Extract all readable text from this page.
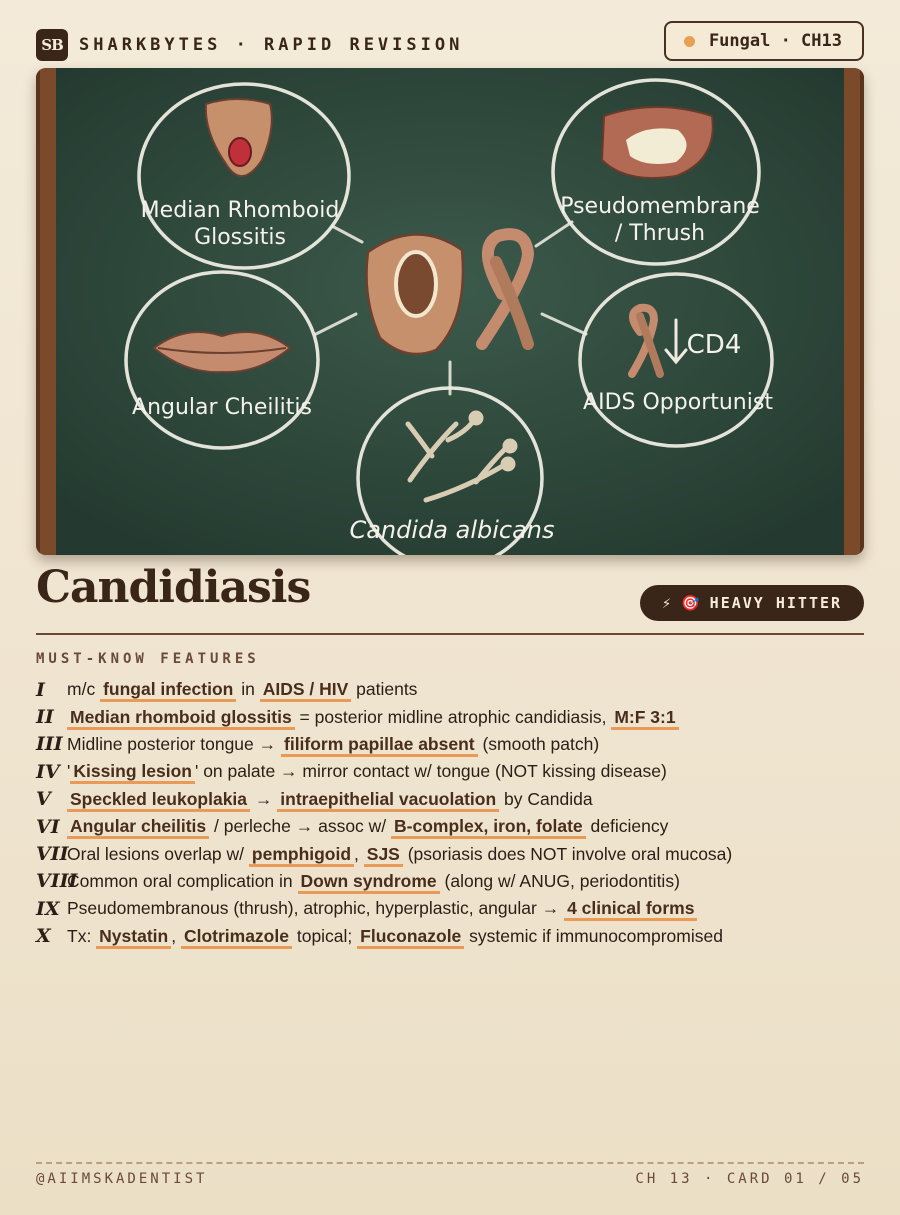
SB SHARKBYTES · RAPID REVISION	Fungal · CH13
Median Rhomboid
Glossitis
Pseudomembrane
/ Thrush
Angular Cheilitis
CD4
AIDS Opportunist
Candida albicans
Candidiasis	⚡ 🎯 HEAVY HITTER
MUST-KNOW FEATURES
I	m/c fungal infection in AIDS / HIV patients
II Median rhomboid glossitis = posterior midline atrophic candidiasis, M:F 3:1
III Midline posterior tongue → filiform papillae absent (smooth patch)
IV ' Kissing lesion ' on palate → mirror contact w/ tongue (NOT kissing disease)
V	Speckled leukoplakia → intraepithelial vacuolation by Candida
VI Angular cheilitis / perleche → assoc w/ B-complex, iron, folate deficiency
VII
Oral lesions overlap w/ pemphigoid , SJS (psoriasis does NOT involve oral mucosa)
VIII
Common oral complication in Down syndrome (along w/ ANUG, periodontitis)
IX Pseudomembranous (thrush), atrophic, hyperplastic, angular → 4 clinical forms
X Tx: Nystatin , Clotrimazole topical; Fluconazole systemic if immunocompromised
@AIIMSKADENTIST	CH 13 · CARD 01 / 05
